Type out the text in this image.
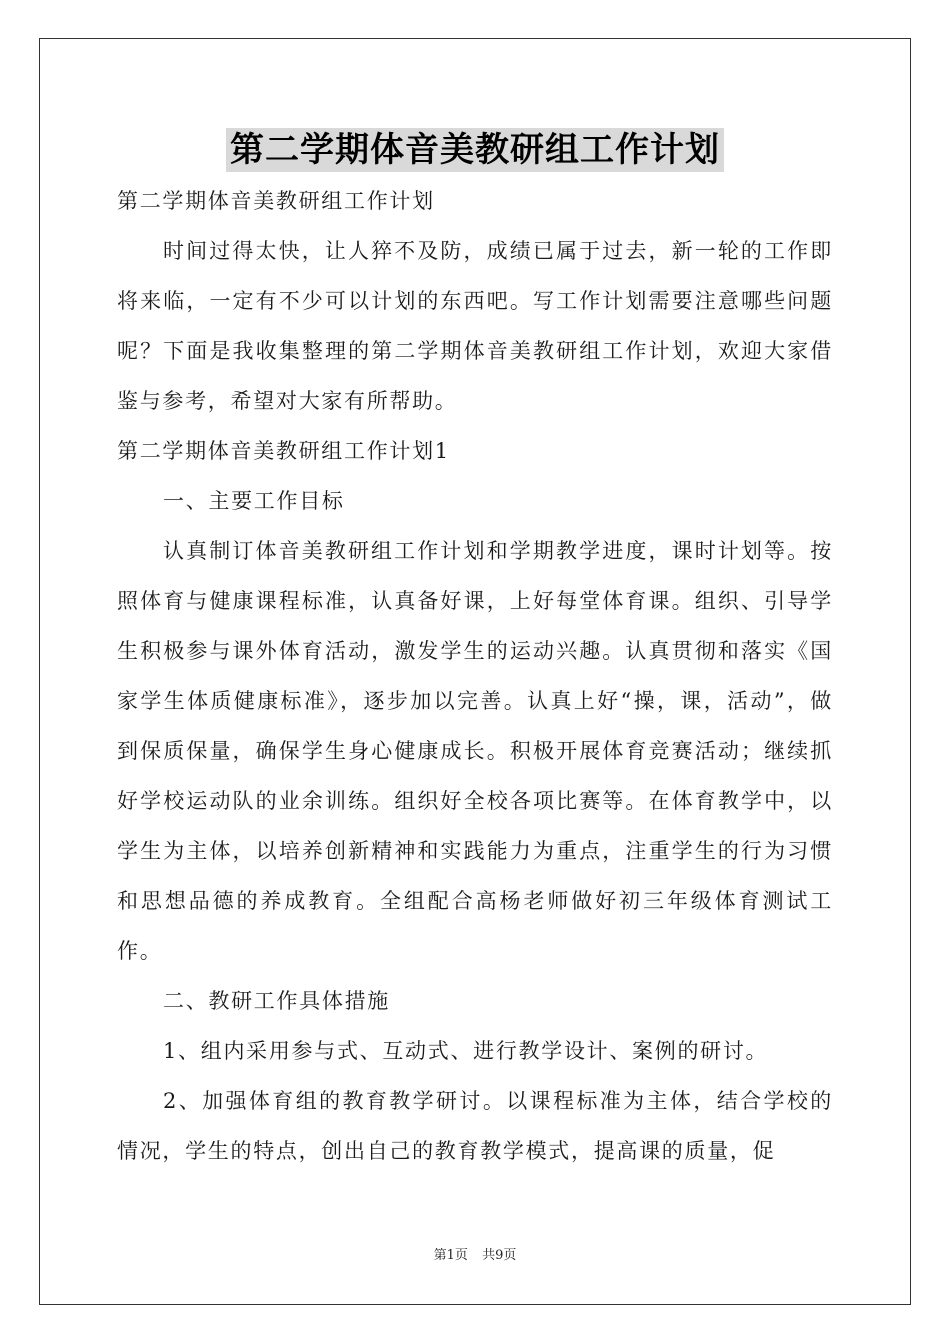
第二学期体音美教研组工作计划

第二学期体音美教研组工作计划

时间过得太快，让人猝不及防，成绩已属于过去，新一轮的工作即将来临，一定有不少可以计划的东西吧。写工作计划需要注意哪些问题呢？下面是我收集整理的第二学期体音美教研组工作计划，欢迎大家借鉴与参考，希望对大家有所帮助。

第二学期体音美教研组工作计划1

一、主要工作目标

认真制订体音美教研组工作计划和学期教学进度，课时计划等。按照体育与健康课程标准，认真备好课，上好每堂体育课。组织、引导学生积极参与课外体育活动，激发学生的运动兴趣。认真贯彻和落实《国家学生体质健康标准》，逐步加以完善。认真上好“操，课，活动”，做到保质保量，确保学生身心健康成长。积极开展体育竞赛活动；继续抓好学校运动队的业余训练。组织好全校各项比赛等。在体育教学中，以学生为主体，以培养创新精神和实践能力为重点，注重学生的行为习惯和思想品德的养成教育。全组配合高杨老师做好初三年级体育测试工作。

二、教研工作具体措施

1、组内采用参与式、互动式、进行教学设计、案例的研讨。

2、加强体育组的教育教学研讨。以课程标准为主体，结合学校的情况，学生的特点，创出自己的教育教学模式，提高课的质量，促

第1页 共9页
